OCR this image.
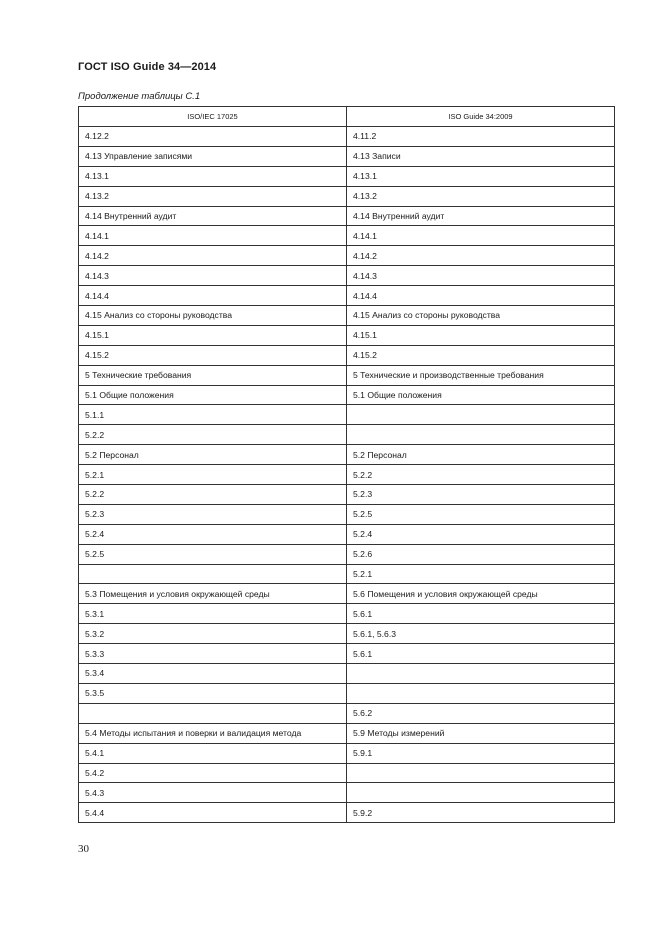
ГОСТ ISO Guide 34—2014
Продолжение таблицы С.1
ISO/IEC 17025	ISO Guide 34:2009
4.12.2	4.11.2
4.13 Управление записями	4.13 Записи
4.13.1	4.13.1
4.13.2	4.13.2
4.14 Внутренний аудит	4.14 Внутренний аудит
4.14.1	4.14.1
4.14.2	4.14.2
4.14.3	4.14.3
4.14.4	4.14.4
4.15 Анализ со стороны руководства	4.15 Анализ со стороны руководства
4.15.1	4.15.1
4.15.2	4.15.2
5 Технические требования	5 Технические и производственные требования
5.1 Общие положения	5.1 Общие положения
5.1.1	
5.2.2	
5.2 Персонал	5.2 Персонал
5.2.1	5.2.2
5.2.2	5.2.3
5.2.3	5.2.5
5.2.4	5.2.4
5.2.5	5.2.6
	5.2.1
5.3 Помещения и условия окружающей среды	5.6 Помещения и условия окружающей среды
5.3.1	5.6.1
5.3.2	5.6.1, 5.6.3
5.3.3	5.6.1
5.3.4	
5.3.5	
	5.6.2
5.4 Методы испытания и поверки и валидация метода	5.9 Методы измерений
5.4.1	5.9.1
5.4.2	
5.4.3	
5.4.4	5.9.2
30
